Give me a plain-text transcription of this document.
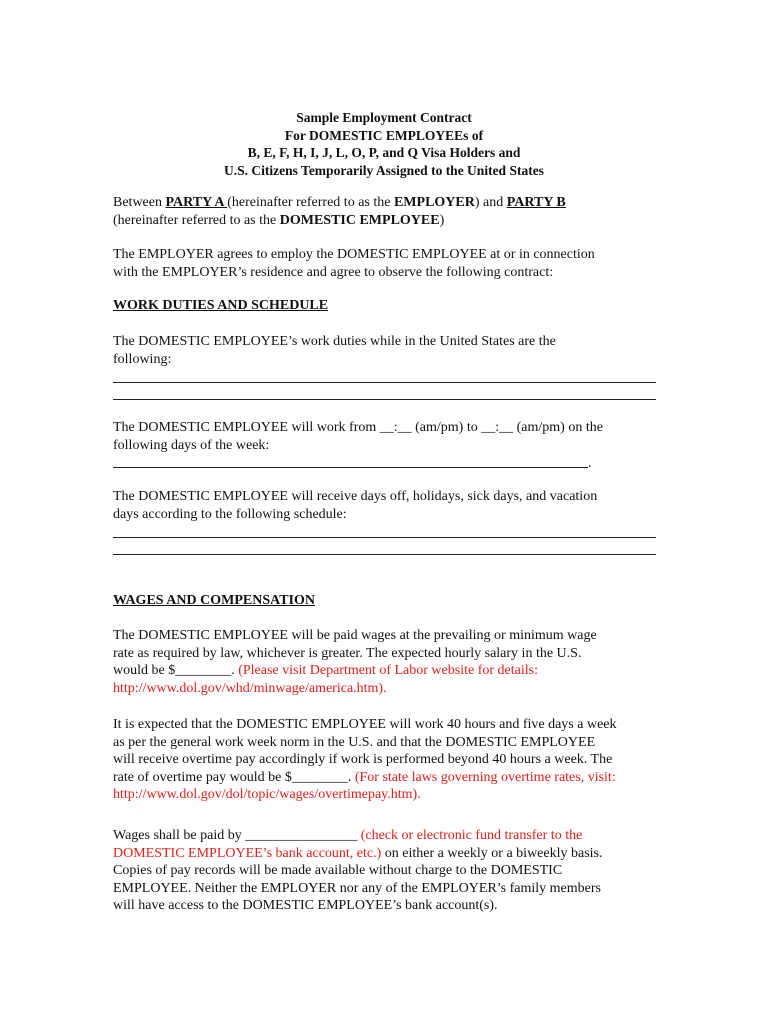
Sample Employment Contract
For DOMESTIC EMPLOYEEs of
B, E, F, H, I, J, L, O, P, and Q Visa Holders and
U.S. Citizens Temporarily Assigned to the United States
Between PARTY A (hereinafter referred to as the EMPLOYER) and PARTY B
(hereinafter referred to as the DOMESTIC EMPLOYEE)
The EMPLOYER agrees to employ the DOMESTIC EMPLOYEE at or in connection
with the EMPLOYER’s residence and agree to observe the following contract:
WORK DUTIES AND SCHEDULE
The DOMESTIC EMPLOYEE’s work duties while in the United States are the
following:
The DOMESTIC EMPLOYEE will work from __:__ (am/pm) to __:__ (am/pm) on the
following days of the week:
.
The DOMESTIC EMPLOYEE will receive days off, holidays, sick days, and vacation
days according to the following schedule:
WAGES AND COMPENSATION
The DOMESTIC EMPLOYEE will be paid wages at the prevailing or minimum wage
rate as required by law, whichever is greater. The expected hourly salary in the U.S.
would be $________. (Please visit Department of Labor website for details:
http://www.dol.gov/whd/minwage/america.htm).
It is expected that the DOMESTIC EMPLOYEE will work 40 hours and five days a week
as per the general work week norm in the U.S. and that the DOMESTIC EMPLOYEE
will receive overtime pay accordingly if work is performed beyond 40 hours a week. The
rate of overtime pay would be $________. (For state laws governing overtime rates, visit:
http://www.dol.gov/dol/topic/wages/overtimepay.htm).
Wages shall be paid by ________________ (check or electronic fund transfer to the
DOMESTIC EMPLOYEE’s bank account, etc.) on either a weekly or a biweekly basis.
Copies of pay records will be made available without charge to the DOMESTIC
EMPLOYEE. Neither the EMPLOYER nor any of the EMPLOYER’s family members
will have access to the DOMESTIC EMPLOYEE’s bank account(s).
